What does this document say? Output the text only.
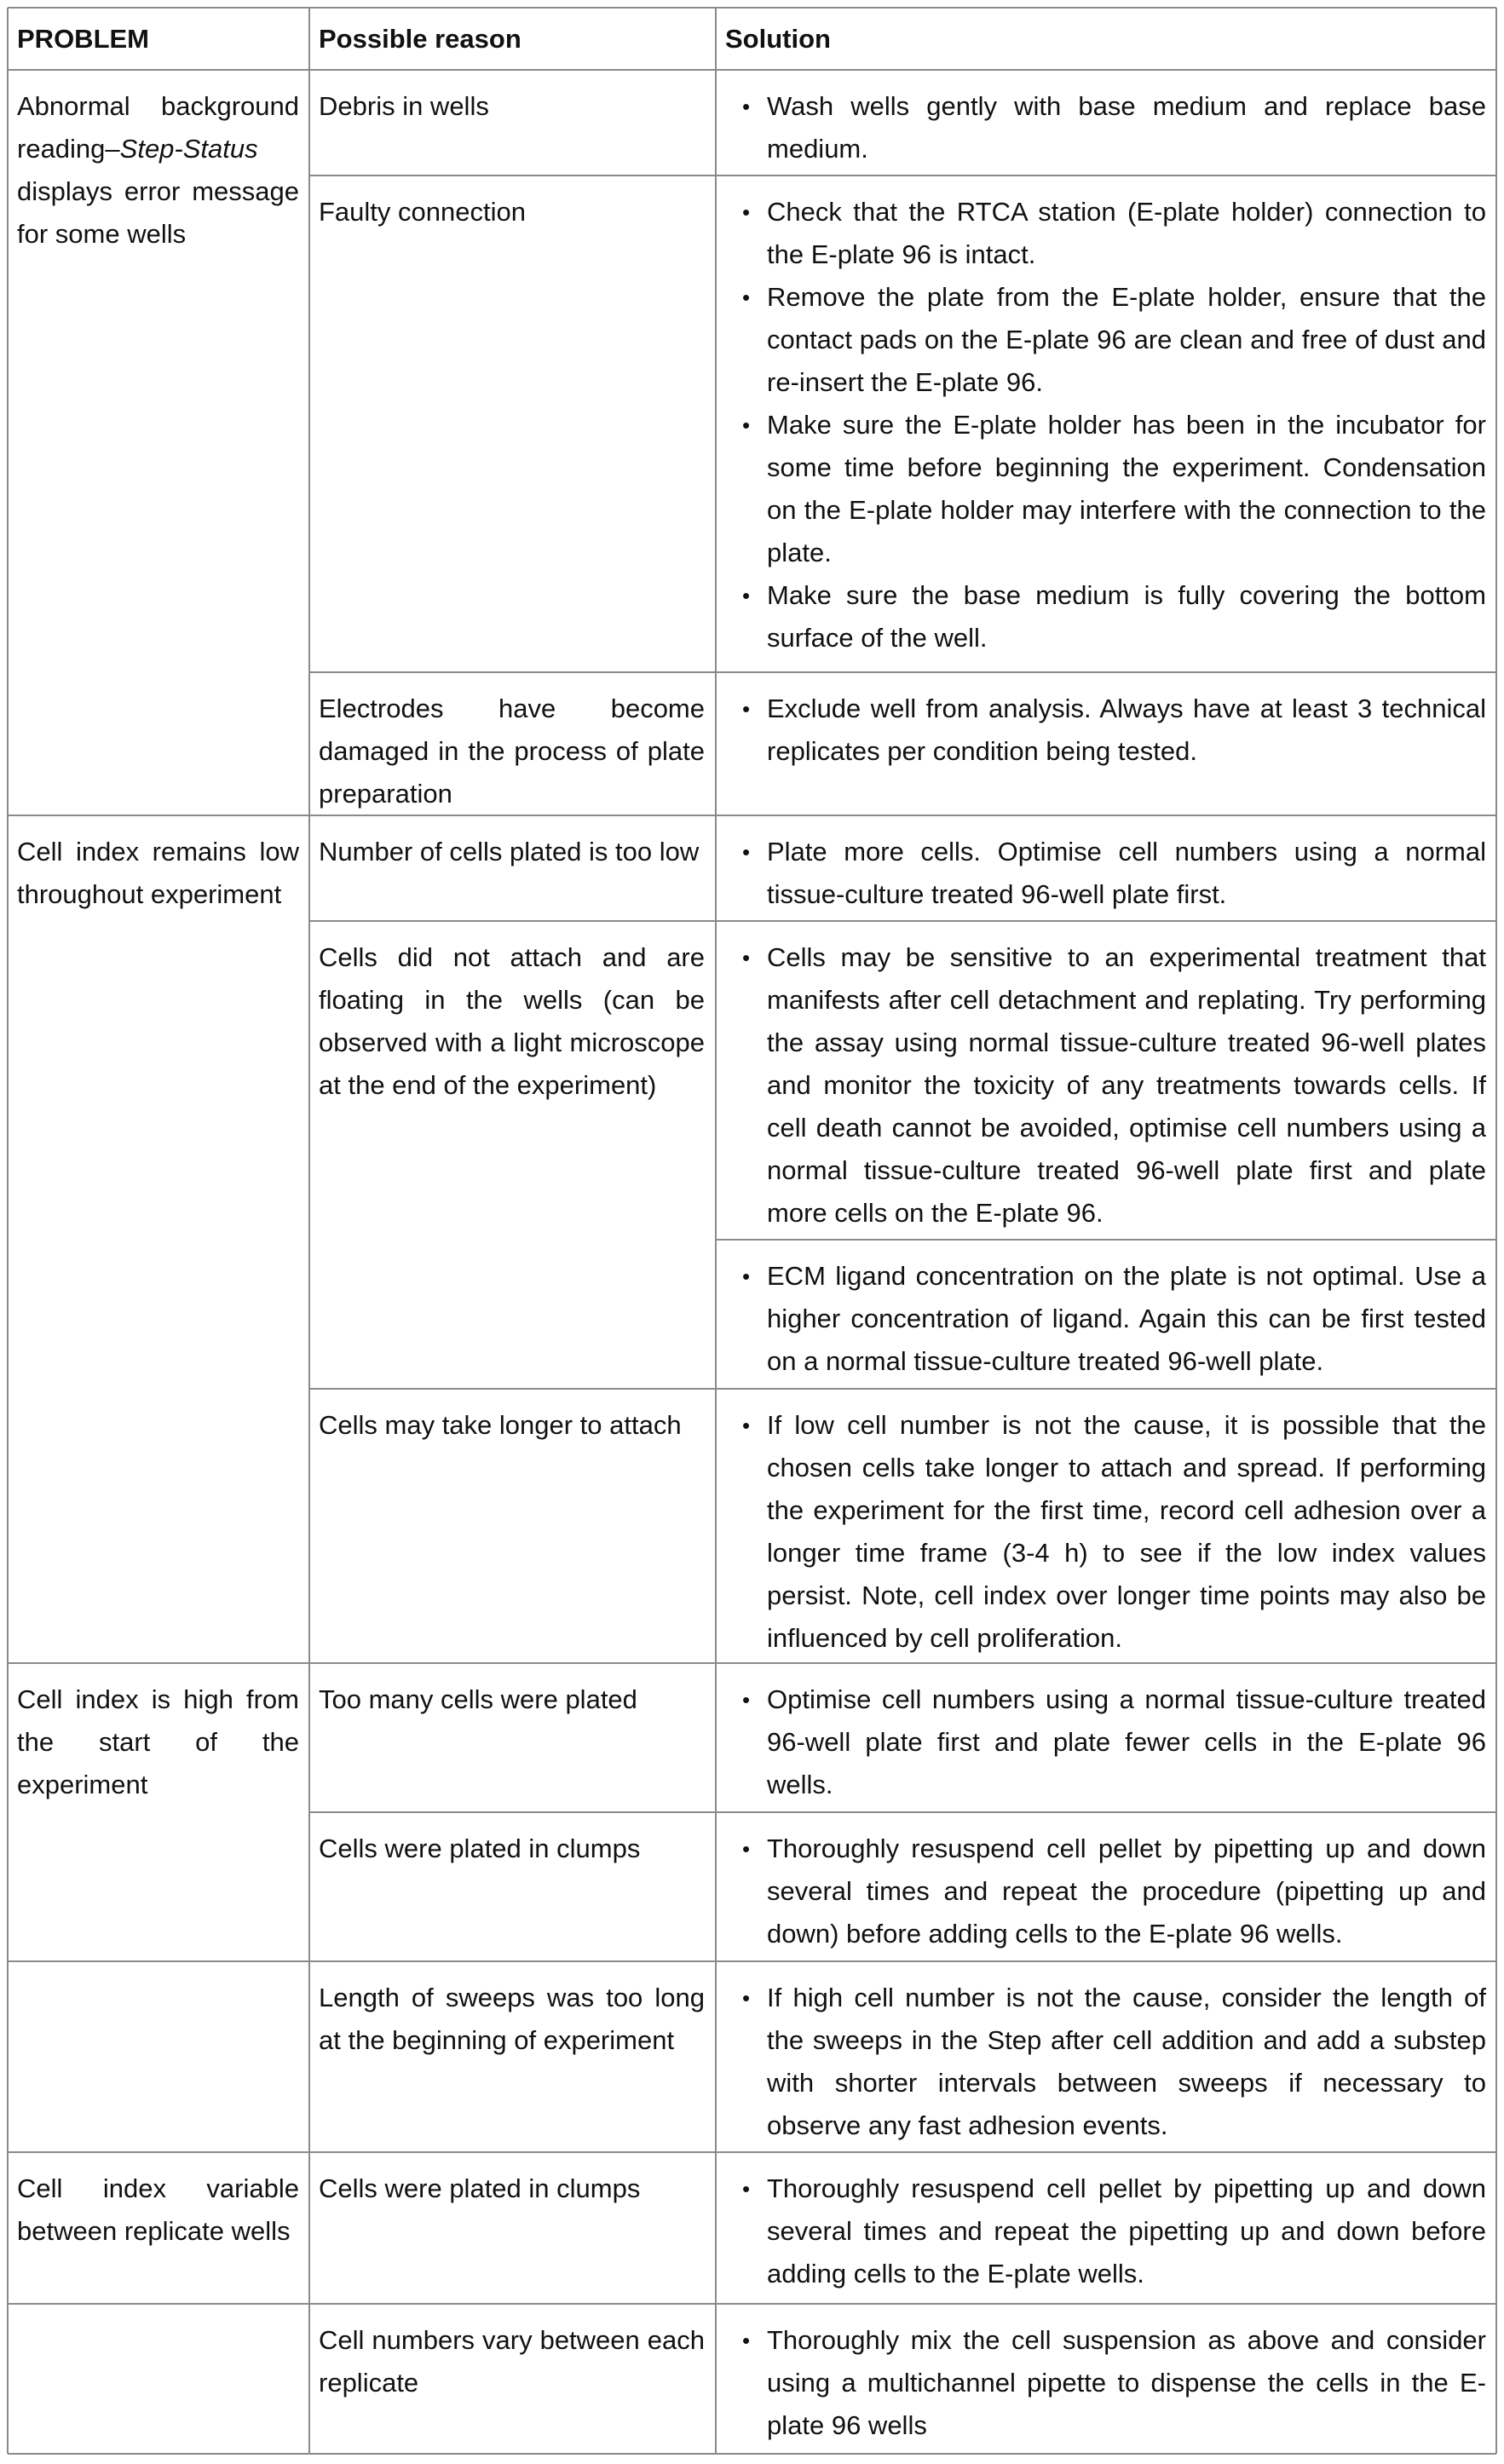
PROBLEM	Possible reason	Solution
Abnormal background reading–Step-Status displays error message for some wells
Cell index remains low throughout experiment
Cell index is high from the start of the experiment
Cell index variable between replicate wells
Debris in wells
Faulty connection
Electrodes have become damaged in the process of plate preparation
Number of cells plated is too low
Cells did not attach and are floating in the wells (can be observed with a light microscope at the end of the experiment)
Cells may take longer to attach
Too many cells were plated
Cells were plated in clumps
Length of sweeps was too long at the beginning of experiment
Cells were plated in clumps
Cell numbers vary between each replicate
• Wash wells gently with base medium and replace base medium.
• Check that the RTCA station (E-plate holder) connection to the E-plate 96 is intact.
• Remove the plate from the E-plate holder, ensure that the contact pads on the E-plate 96 are clean and free of dust and re-insert the E-plate 96.
• Make sure the E-plate holder has been in the incubator for some time before beginning the experiment. Condensation on the E-plate holder may interfere with the connection to the plate.
• Make sure the base medium is fully covering the bottom surface of the well.
• Exclude well from analysis. Always have at least 3 technical replicates per condition being tested.
• Plate more cells. Optimise cell numbers using a normal tissue-culture treated 96-well plate first.
• Cells may be sensitive to an experimental treatment that manifests after cell detachment and replating. Try performing the assay using normal tissue-culture treated 96-well plates and monitor the toxicity of any treatments towards cells. If cell death cannot be avoided, optimise cell numbers using a normal tissue-culture treated 96-well plate first and plate more cells on the E-plate 96.
• ECM ligand concentration on the plate is not optimal. Use a higher concentration of ligand. Again this can be first tested on a normal tissue-culture treated 96-well plate.
• If low cell number is not the cause, it is possible that the chosen cells take longer to attach and spread. If performing the experiment for the first time, record cell adhesion over a longer time frame (3-4 h) to see if the low index values persist. Note, cell index over longer time points may also be influenced by cell proliferation.
• Optimise cell numbers using a normal tissue-culture treated 96-well plate first and plate fewer cells in the E-plate 96 wells.
• Thoroughly resuspend cell pellet by pipetting up and down several times and repeat the procedure (pipetting up and down) before adding cells to the E-plate 96 wells.
• If high cell number is not the cause, consider the length of the sweeps in the Step after cell addition and add a substep with shorter intervals between sweeps if necessary to observe any fast adhesion events.
• Thoroughly resuspend cell pellet by pipetting up and down several times and repeat the pipetting up and down before adding cells to the E-plate wells.
• Thoroughly mix the cell suspension as above and consider using a multichannel pipette to dispense the cells in the E-plate 96 wells
